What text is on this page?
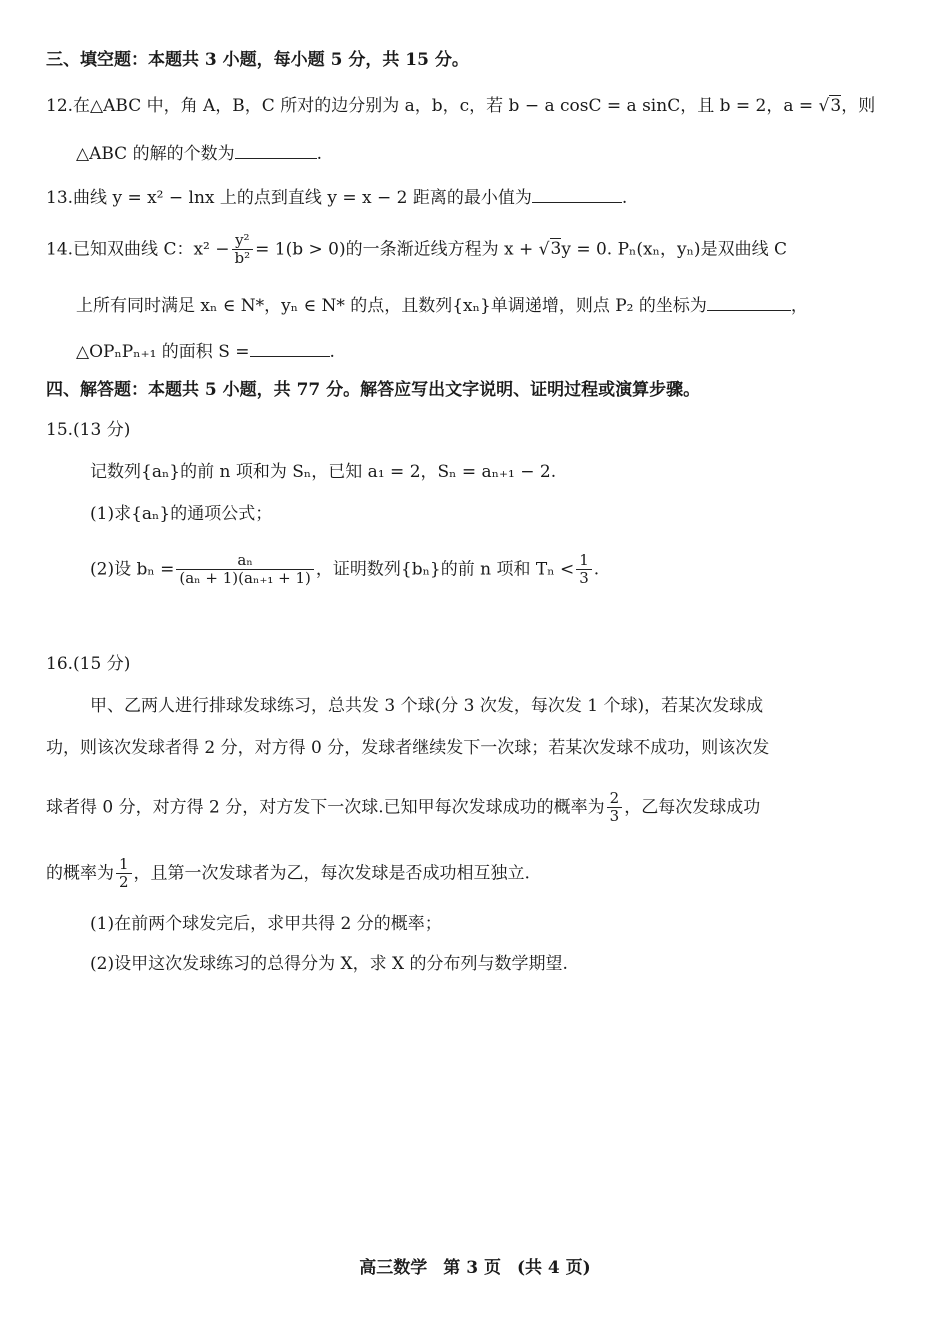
三、填空题：本题共 3 小题，每小题 5 分，共 15 分。
12.在△ABC 中，角 A，B，C 所对的边分别为 a，b，c，若 b − a cosC = a sinC，且 b = 2，a = √3，则
△ABC 的解的个数为	.
13.曲线 y = x² − lnx 上的点到直线 y = x − 2 距离的最小值为	.
14.已知双曲线 C：$x^2 - \frac{\text{y²}}{\text{b²}} = 1(b > 0)$的一条渐近线方程为 x + √3y = 0. Pₙ(xₙ，yₙ)是双曲线 C
上所有同时满足 xₙ ∈ N*，yₙ ∈ N* 的点，且数列{xₙ}单调递增，则点 P₂ 的坐标为	，
△OPₙPₙ₊₁ 的面积 S =	.
四、解答题：本题共 5 小题，共 77 分。解答应写出文字说明、证明过程或演算步骤。
15.(13 分)
记数列{aₙ}的前 n 项和为 Sₙ，已知 a₁ = 2，Sₙ = aₙ₊₁ − 2.
(1)求{aₙ}的通项公式；
(2)设 $b_n = \frac{\text{aₙ}}{\text{(aₙ + 1)(aₙ₊₁ + 1)}}$ ，证明数列{bₙ}的前 n 项和 $T_n < \frac{1}{3}$ .
16.(15 分)
甲、乙两人进行排球发球练习，总共发 3 个球(分 3 次发，每次发 1 个球)，若某次发球成
功，则该次发球者得 2 分，对方得 0 分，发球者继续发下一次球；若某次发球不成功，则该次发
球者得 0 分，对方得 2 分，对方发下一次球.已知甲每次发球成功的概率为 $\frac{2}{3}$ ，乙每次发球成功
的概率为 $\frac{1}{2}$ ，且第一次发球者为乙，每次发球是否成功相互独立.
(1)在前两个球发完后，求甲共得 2 分的概率；
(2)设甲这次发球练习的总得分为 X，求 X 的分布列与数学期望.
高三数学 第 3 页 (共 4 页)
